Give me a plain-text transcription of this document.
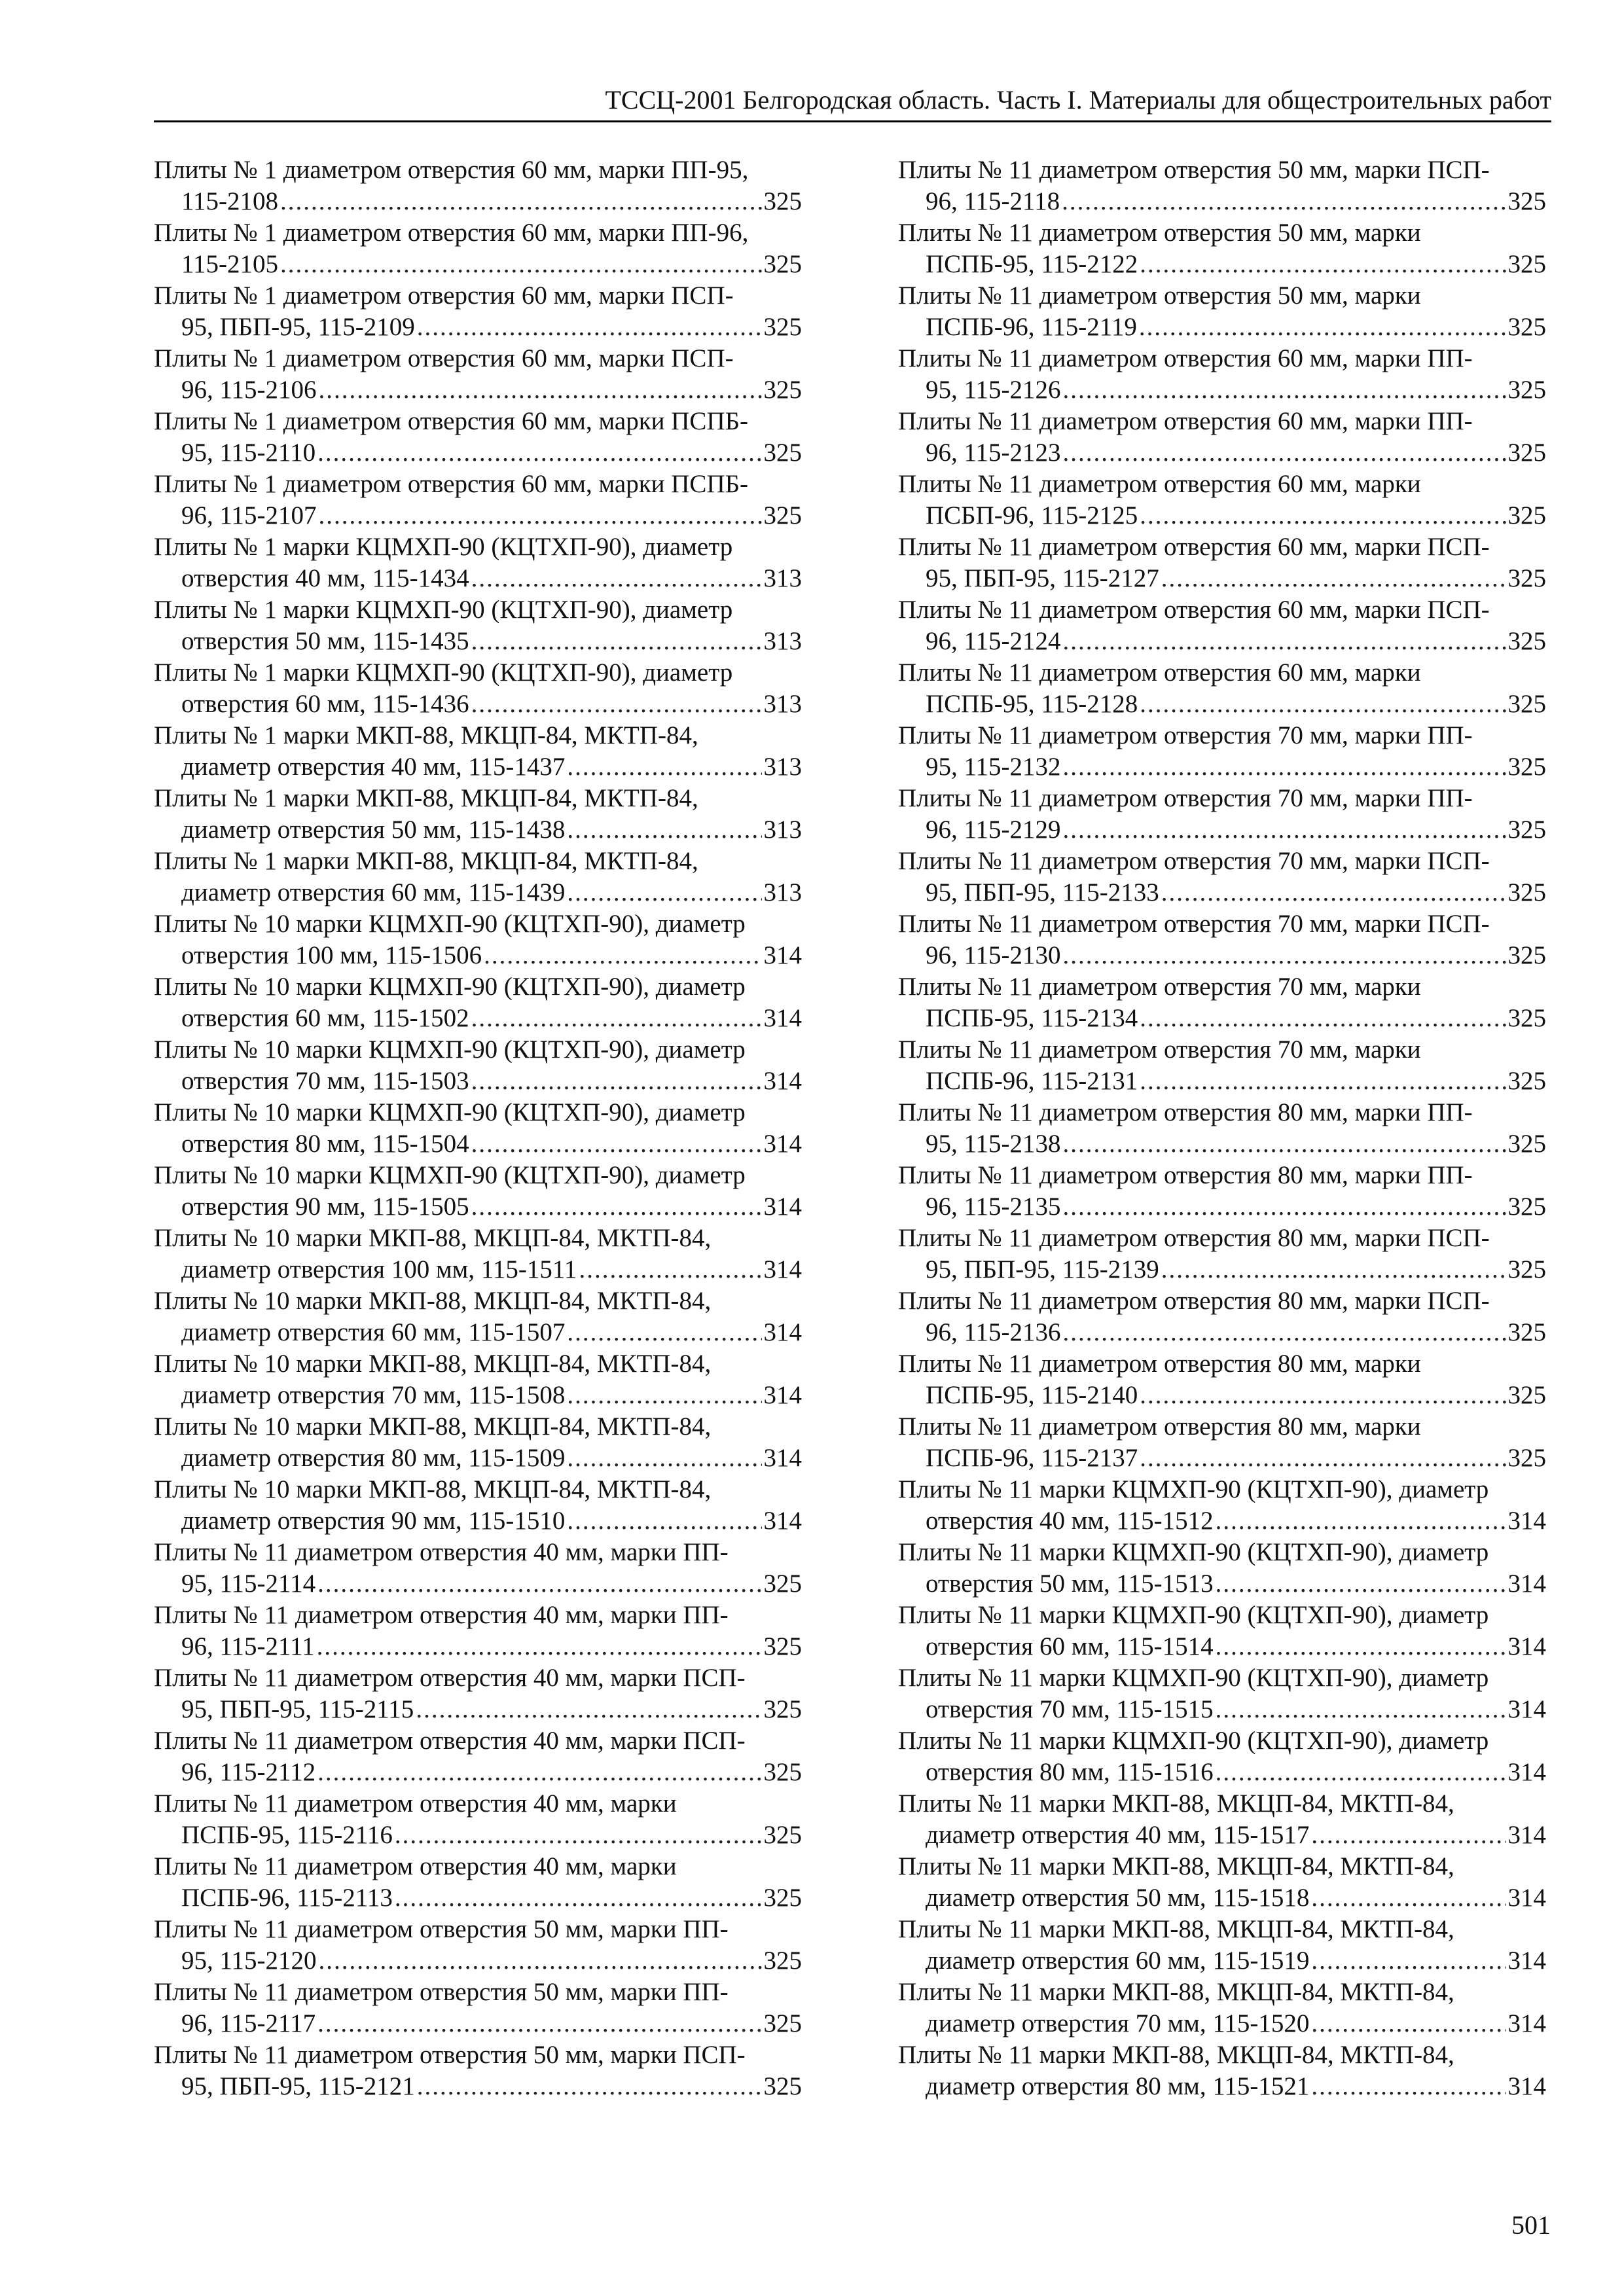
ТССЦ-2001 Белгородская область. Часть I. Материалы для общестроительных работ
Плиты № 1 диаметром отверстия 60 мм, марки ПП-95,
115-2108 .....	325
Плиты № 1 диаметром отверстия 60 мм, марки ПП-96,
115-2105 .....	325
Плиты № 1 диаметром отверстия 60 мм, марки ПСП-
95, ПБП-95, 115-2109 .....	325
Плиты № 1 диаметром отверстия 60 мм, марки ПСП-
96, 115-2106 .....	325
Плиты № 1 диаметром отверстия 60 мм, марки ПСПБ-
95, 115-2110 .....	325
Плиты № 1 диаметром отверстия 60 мм, марки ПСПБ-
96, 115-2107 .....	325
Плиты № 1 марки КЦМХП-90 (КЦТХП-90), диаметр
отверстия 40 мм, 115-1434 .....	313
Плиты № 1 марки КЦМХП-90 (КЦТХП-90), диаметр
отверстия 50 мм, 115-1435 .....	313
Плиты № 1 марки КЦМХП-90 (КЦТХП-90), диаметр
отверстия 60 мм, 115-1436 .....	313
Плиты № 1 марки МКП-88, МКЦП-84, МКТП-84,
диаметр отверстия 40 мм, 115-1437 .....	313
Плиты № 1 марки МКП-88, МКЦП-84, МКТП-84,
диаметр отверстия 50 мм, 115-1438 .....	313
Плиты № 1 марки МКП-88, МКЦП-84, МКТП-84,
диаметр отверстия 60 мм, 115-1439 .....	313
Плиты № 10 марки КЦМХП-90 (КЦТХП-90), диаметр
отверстия 100 мм, 115-1506 .....	314
Плиты № 10 марки КЦМХП-90 (КЦТХП-90), диаметр
отверстия 60 мм, 115-1502 .....	314
Плиты № 10 марки КЦМХП-90 (КЦТХП-90), диаметр
отверстия 70 мм, 115-1503 .....	314
Плиты № 10 марки КЦМХП-90 (КЦТХП-90), диаметр
отверстия 80 мм, 115-1504 .....	314
Плиты № 10 марки КЦМХП-90 (КЦТХП-90), диаметр
отверстия 90 мм, 115-1505 .....	314
Плиты № 10 марки МКП-88, МКЦП-84, МКТП-84,
диаметр отверстия 100 мм, 115-1511 .....	314
Плиты № 10 марки МКП-88, МКЦП-84, МКТП-84,
диаметр отверстия 60 мм, 115-1507 .....	314
Плиты № 10 марки МКП-88, МКЦП-84, МКТП-84,
диаметр отверстия 70 мм, 115-1508 .....	314
Плиты № 10 марки МКП-88, МКЦП-84, МКТП-84,
диаметр отверстия 80 мм, 115-1509 .....	314
Плиты № 10 марки МКП-88, МКЦП-84, МКТП-84,
диаметр отверстия 90 мм, 115-1510 .....	314
Плиты № 11 диаметром отверстия 40 мм, марки ПП-
95, 115-2114 .....	325
Плиты № 11 диаметром отверстия 40 мм, марки ПП-
96, 115-2111 .....	325
Плиты № 11 диаметром отверстия 40 мм, марки ПСП-
95, ПБП-95, 115-2115 .....	325
Плиты № 11 диаметром отверстия 40 мм, марки ПСП-
96, 115-2112 .....	325
Плиты № 11 диаметром отверстия 40 мм, марки
ПСПБ-95, 115-2116 .....	325
Плиты № 11 диаметром отверстия 40 мм, марки
ПСПБ-96, 115-2113 .....	325
Плиты № 11 диаметром отверстия 50 мм, марки ПП-
95, 115-2120 .....	325
Плиты № 11 диаметром отверстия 50 мм, марки ПП-
96, 115-2117 .....	325
Плиты № 11 диаметром отверстия 50 мм, марки ПСП-
95, ПБП-95, 115-2121 .....	325
Плиты № 11 диаметром отверстия 50 мм, марки ПСП-
96, 115-2118 .....	325
Плиты № 11 диаметром отверстия 50 мм, марки
ПСПБ-95, 115-2122 .....	325
Плиты № 11 диаметром отверстия 50 мм, марки
ПСПБ-96, 115-2119 .....	325
Плиты № 11 диаметром отверстия 60 мм, марки ПП-
95, 115-2126 .....	325
Плиты № 11 диаметром отверстия 60 мм, марки ПП-
96, 115-2123 .....	325
Плиты № 11 диаметром отверстия 60 мм, марки
ПСБП-96, 115-2125 .....	325
Плиты № 11 диаметром отверстия 60 мм, марки ПСП-
95, ПБП-95, 115-2127 .....	325
Плиты № 11 диаметром отверстия 60 мм, марки ПСП-
96, 115-2124 .....	325
Плиты № 11 диаметром отверстия 60 мм, марки
ПСПБ-95, 115-2128 .....	325
Плиты № 11 диаметром отверстия 70 мм, марки ПП-
95, 115-2132 .....	325
Плиты № 11 диаметром отверстия 70 мм, марки ПП-
96, 115-2129 .....	325
Плиты № 11 диаметром отверстия 70 мм, марки ПСП-
95, ПБП-95, 115-2133 .....	325
Плиты № 11 диаметром отверстия 70 мм, марки ПСП-
96, 115-2130 .....	325
Плиты № 11 диаметром отверстия 70 мм, марки
ПСПБ-95, 115-2134 .....	325
Плиты № 11 диаметром отверстия 70 мм, марки
ПСПБ-96, 115-2131 .....	325
Плиты № 11 диаметром отверстия 80 мм, марки ПП-
95, 115-2138 .....	325
Плиты № 11 диаметром отверстия 80 мм, марки ПП-
96, 115-2135 .....	325
Плиты № 11 диаметром отверстия 80 мм, марки ПСП-
95, ПБП-95, 115-2139 .....	325
Плиты № 11 диаметром отверстия 80 мм, марки ПСП-
96, 115-2136 .....	325
Плиты № 11 диаметром отверстия 80 мм, марки
ПСПБ-95, 115-2140 .....	325
Плиты № 11 диаметром отверстия 80 мм, марки
ПСПБ-96, 115-2137 .....	325
Плиты № 11 марки КЦМХП-90 (КЦТХП-90), диаметр
отверстия 40 мм, 115-1512 .....	314
Плиты № 11 марки КЦМХП-90 (КЦТХП-90), диаметр
отверстия 50 мм, 115-1513 .....	314
Плиты № 11 марки КЦМХП-90 (КЦТХП-90), диаметр
отверстия 60 мм, 115-1514 .....	314
Плиты № 11 марки КЦМХП-90 (КЦТХП-90), диаметр
отверстия 70 мм, 115-1515 .....	314
Плиты № 11 марки КЦМХП-90 (КЦТХП-90), диаметр
отверстия 80 мм, 115-1516 .....	314
Плиты № 11 марки МКП-88, МКЦП-84, МКТП-84,
диаметр отверстия 40 мм, 115-1517 .....	314
Плиты № 11 марки МКП-88, МКЦП-84, МКТП-84,
диаметр отверстия 50 мм, 115-1518 .....	314
Плиты № 11 марки МКП-88, МКЦП-84, МКТП-84,
диаметр отверстия 60 мм, 115-1519 .....	314
Плиты № 11 марки МКП-88, МКЦП-84, МКТП-84,
диаметр отверстия 70 мм, 115-1520 .....	314
Плиты № 11 марки МКП-88, МКЦП-84, МКТП-84,
диаметр отверстия 80 мм, 115-1521 .....	314
501
